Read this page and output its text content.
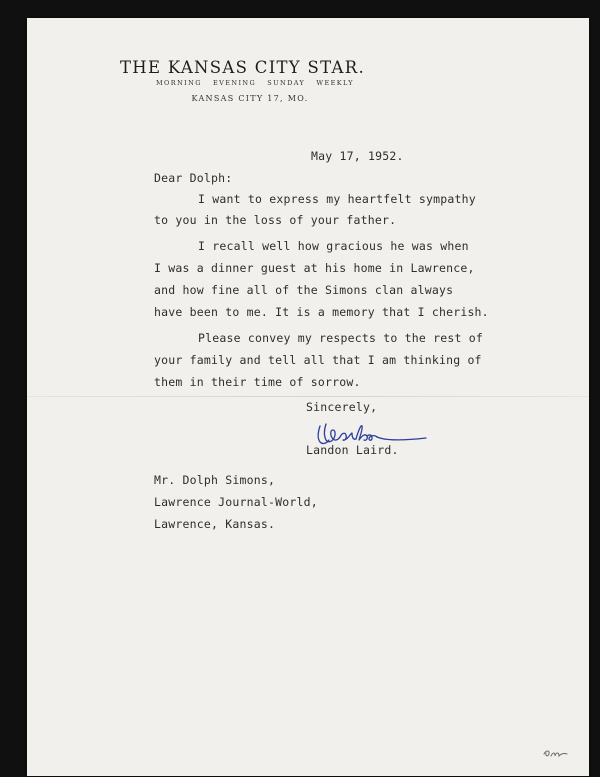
THE KANSAS CITY STAR.
MORNING EVENING SUNDAY WEEKLY
KANSAS CITY 17, MO.
May 17, 1952.
Dear Dolph:
I want to express my heartfelt sympathy
to you in the loss of your father.
I recall well how gracious he was when
I was a dinner guest at his home in Lawrence,
and how fine all of the Simons clan always
have been to me. It is a memory that I cherish.
Please convey my respects to the rest of
your family and tell all that I am thinking of
them in their time of sorrow.
Sincerely,
Landon Laird.
Mr. Dolph Simons,
Lawrence Journal-World,
Lawrence, Kansas.
